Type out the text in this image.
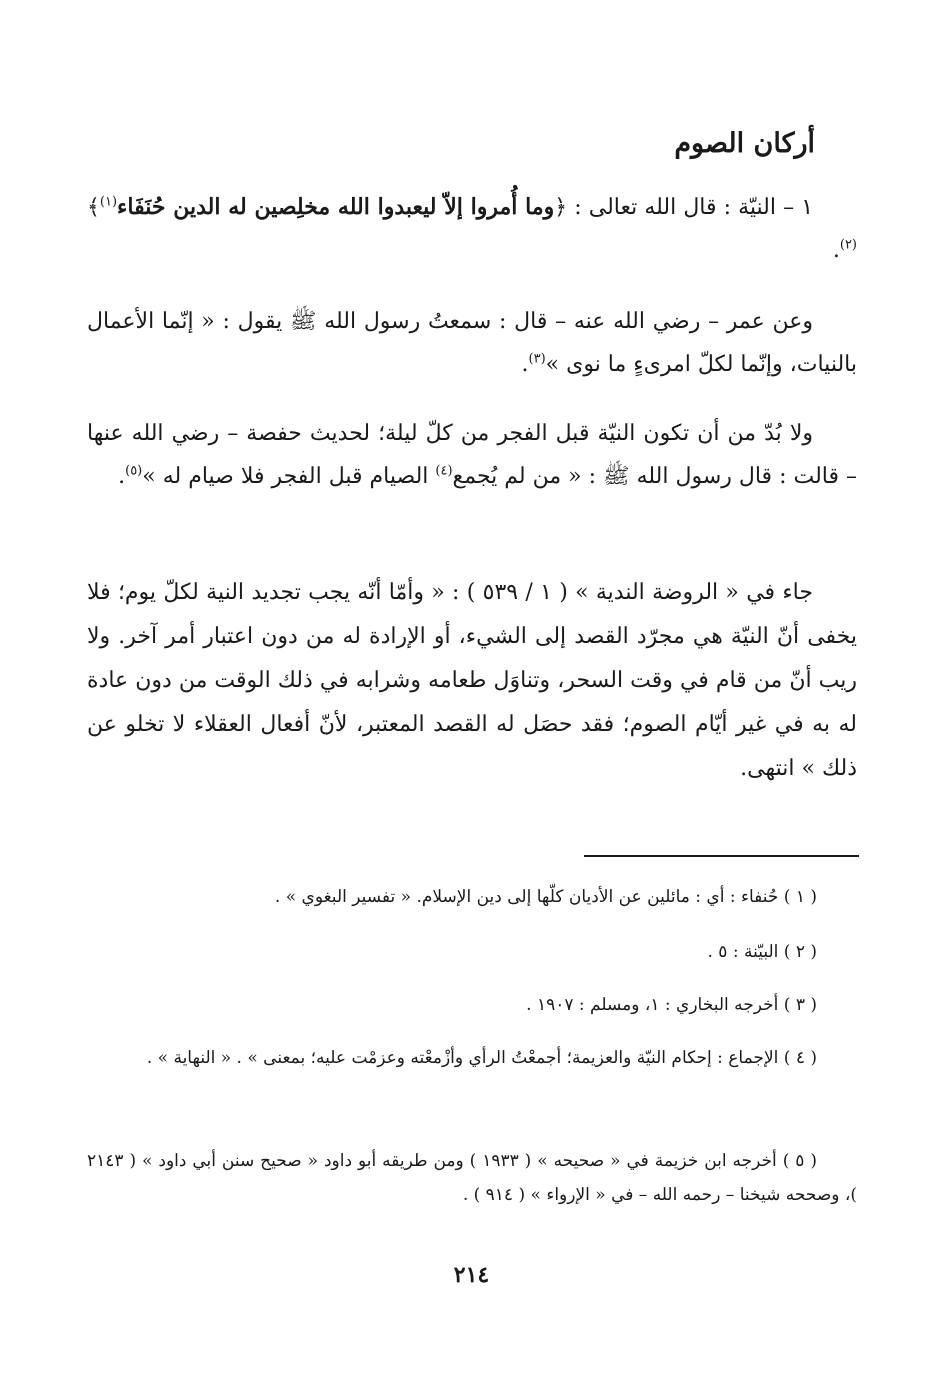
أركان الصوم

١ – النيّة : قال الله تعالى : ﴿وما أُمروا إلاّ ليعبدوا الله مخلِصين له الدين حُنَفَاء$^{(١)}$﴾$^{(٢)}$.

وعن عمر – رضي الله عنه – قال : سمعتُ رسول الله ﷺ يقول : « إنّما الأعمال بالنيات، وإنّما لكلّ امرىءٍ ما نوى »$^{(٣)}$.

ولا بُدّ من أن تكون النيّة قبل الفجر من كلّ ليلة؛ لحديث حفصة – رضي الله عنها – قالت : قال رسول الله ﷺ : « من لم يُجمع$^{(٤)}$ الصيام قبل الفجر فلا صيام له »$^{(٥)}$.

جاء في « الروضة الندية » ( ١ / ٥٣٩ ) : « وأمّا أنّه يجب تجديد النية لكلّ يوم؛ فلا يخفى أنّ النيّة هي مجرّد القصد إلى الشيء، أو الإرادة له من دون اعتبار أمر آخر. ولا ريب أنّ من قام في وقت السحر، وتناوَل طعامه وشرابه في ذلك الوقت من دون عادة له به في غير أيّام الصوم؛ فقد حصَل له القصد المعتبر، لأنّ أفعال العقلاء لا تخلو عن ذلك » انتهى.

( ١ ) حُنفاء : أي : مائلين عن الأديان كلّها إلى دين الإسلام. « تفسير البغوي » .

( ٢ ) البيّنة : ٥ .

( ٣ ) أخرجه البخاري : ١، ومسلم : ١٩٠٧ .

( ٤ ) الإجماع : إحكام النيّة والعزيمة؛ أجمعْتُ الرأي وأزْمعْته وعزمْت عليه؛ بمعنى » . « النهاية » .

( ٥ ) أخرجه ابن خزيمة في « صحيحه » ( ١٩٣٣ ) ومن طريقه أبو داود « صحيح سنن أبي داود » ( ٢١٤٣ )، وصححه شيخنا – رحمه الله – في « الإرواء » ( ٩١٤ ) .

٢١٤
